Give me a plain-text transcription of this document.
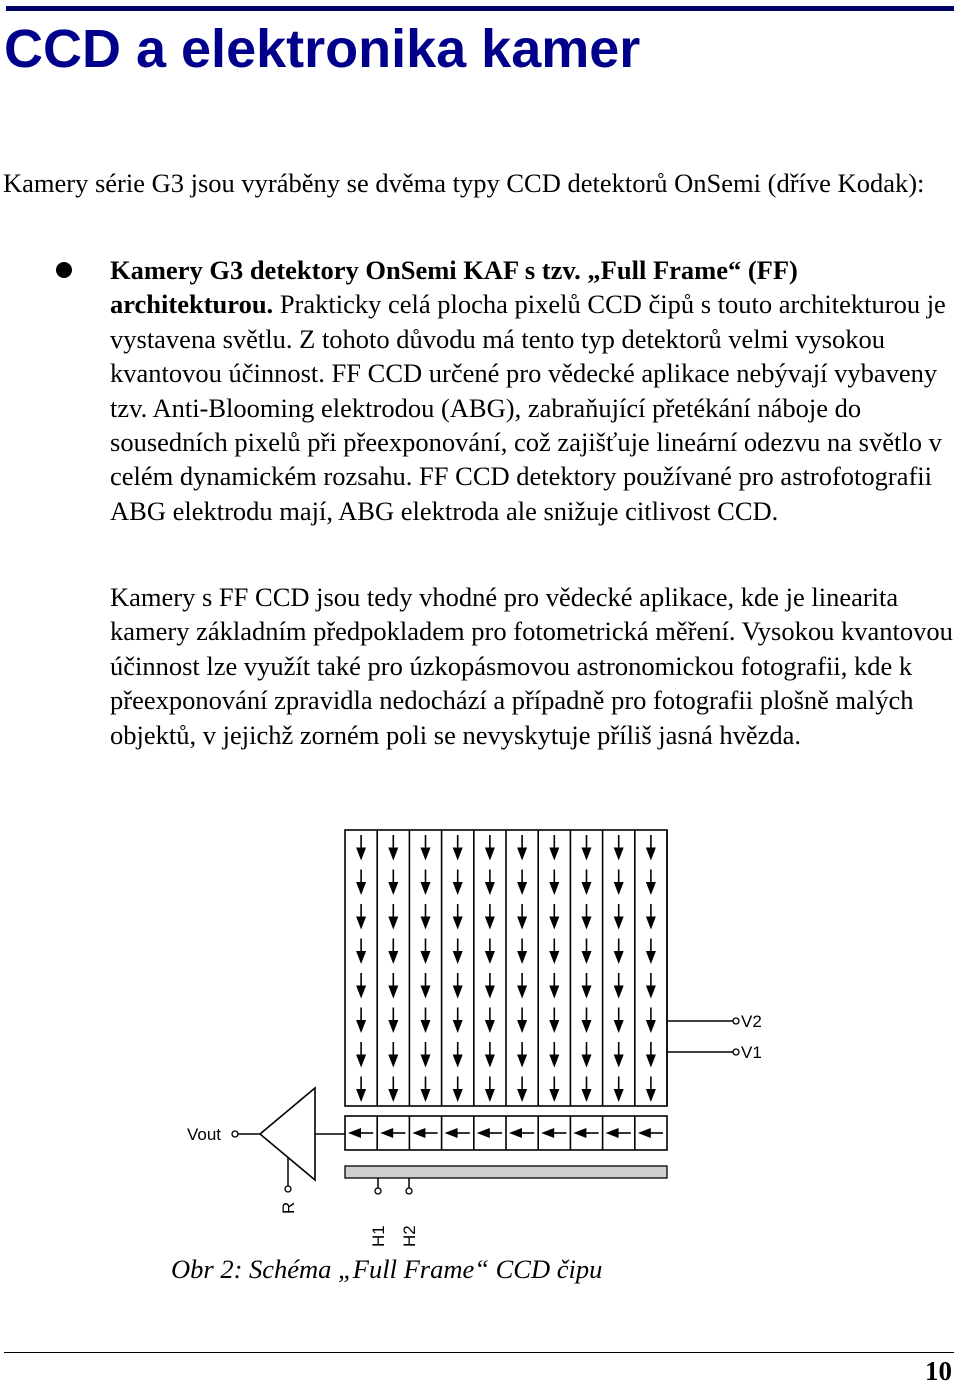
CCD a elektronika kamer

Kamery série G3 jsou vyráběny se dvěma typy CCD detektorů OnSemi (dříve Kodak):

Kamery G3 detektory OnSemi KAF s tzv. „Full Frame“ (FF) architekturou. Prakticky celá plocha pixelů CCD čipů s touto architekturou je vystavena světlu. Z tohoto důvodu má tento typ detektorů velmi vysokou kvantovou účinnost. FF CCD určené pro vědecké aplikace nebývají vybaveny tzv. Anti-Blooming elektrodou (ABG), zabraňující přetékání náboje do sousedních pixelů při přeexponování, což zajišťuje lineární odezvu na světlo v celém dynamickém rozsahu. FF CCD detektory používané pro astrofotografii ABG elektrodu mají, ABG elektroda ale snižuje citlivost CCD.

Kamery s FF CCD jsou tedy vhodné pro vědecké aplikace, kde je linearita kamery základním předpokladem pro fotometrická měření. Vysokou kvantovou účinnost lze využít také pro úzkopásmovou astronomickou fotografii, kde k přeexponování zpravidla nedochází a případně pro fotografii plošně malých objektů, v jejichž zorném poli se nevyskytuje příliš jasná hvězda.

V2
V1
Vout
R
H1 H2

Obr 2: Schéma „Full Frame“ CCD čipu

10
